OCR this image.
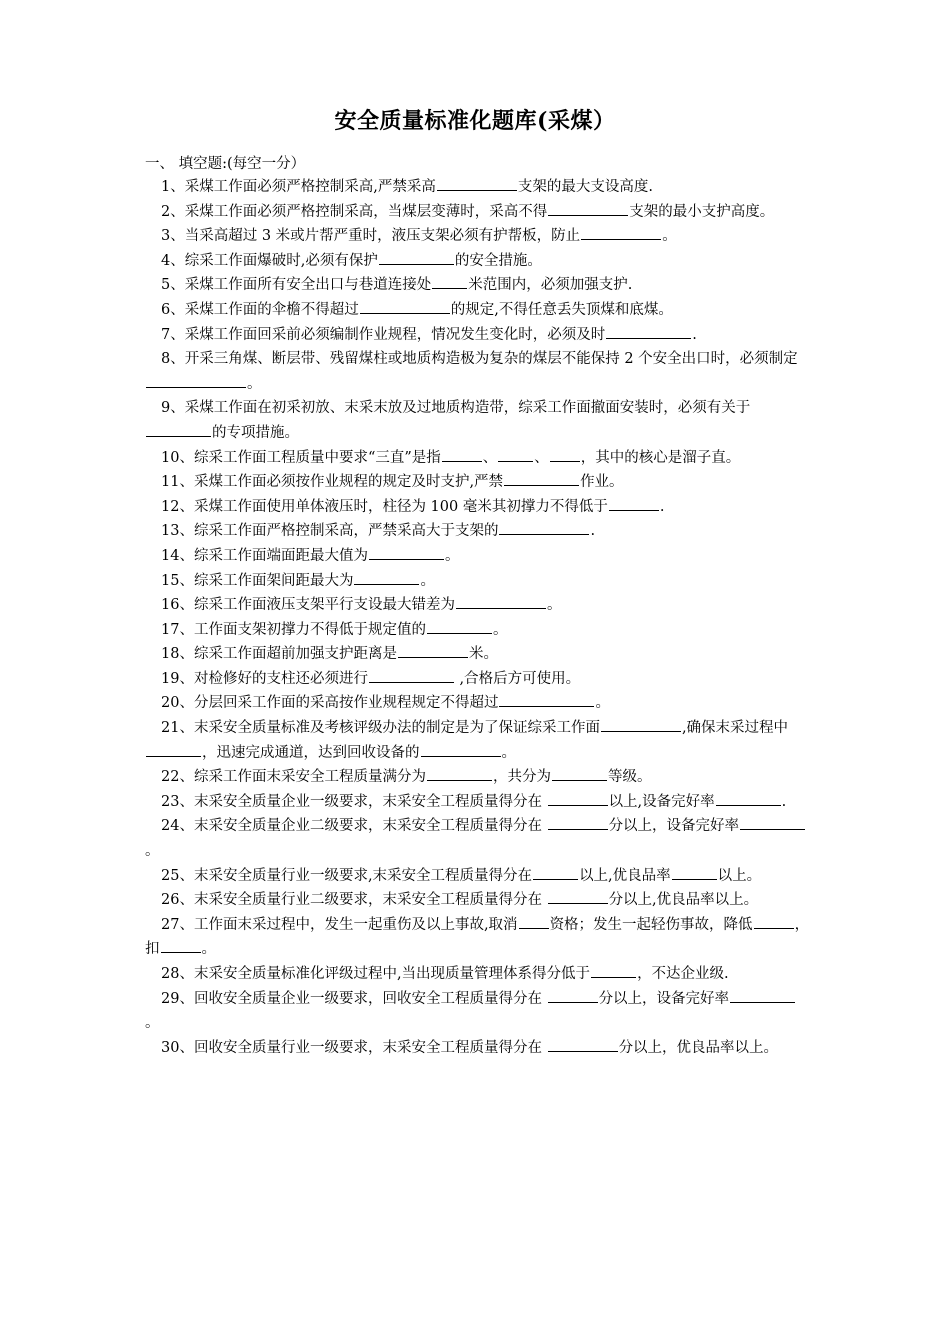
安全质量标准化题库(采煤）
一、 填空题:(每空一分）

1、采煤工作面必须严格控制采高,严禁采高	支架的最大支设高度.

2、采煤工作面必须严格控制采高，当煤层变薄时，采高不得	支架的最小支护高度。

3、当采高超过 3 米或片帮严重时，液压支架必须有护帮板，防止	。

4、综采工作面爆破时,必须有保护	的安全措施。

5、采煤工作面所有安全出口与巷道连接处	米范围内，必须加强支护.

6、采煤工作面的伞檐不得超过	的规定,不得任意丢失顶煤和底煤。

7、采煤工作面回采前必须编制作业规程，情况发生变化时，必须及时	.

8、开采三角煤、断层带、残留煤柱或地质构造极为复杂的煤层不能保持 2 个安全出口时，必须制定。

9、采煤工作面在初采初放、末采末放及过地质构造带，综采工作面撤面安装时，必须有关于的专项措施。

10、综采工作面工程质量中要求“三直”是指	、	、 ，其中的核心是溜子直。

11、采煤工作面必须按作业规程的规定及时支护,严禁	作业。

12、采煤工作面使用单体液压时，柱径为 100 毫米其初撑力不得低于	.

13、综采工作面严格控制采高，严禁采高大于支架的	.

14、综采工作面端面距最大值为	。

15、综采工作面架间距最大为	。

16、综采工作面液压支架平行支设最大错差为	。

17、工作面支架初撑力不得低于规定值的	。

18、综采工作面超前加强支护距离是	米。

19、对检修好的支柱还必须进行	,合格后方可使用。

20、分层回采工作面的采高按作业规程规定不得超过	。

21、末采安全质量标准及考核评级办法的制定是为了保证综采工作面	,确保末采过程中，迅速完成通道，达到回收设备的	。

22、综采工作面末采安全工程质量满分为	，共分为	等级。

23、末采安全质量企业一级要求，末采安全工程质量得分在	以上,设备完好率	.

24、末采安全质量企业二级要求，末采安全工程质量得分在	分以上，设备完好率。

25、末采安全质量行业一级要求,末采安全工程质量得分在	以上,优良品率	以上。

26、末采安全质量行业二级要求，末采安全工程质量得分在	分以上,优良品率以上。

27、工作面末采过程中，发生一起重伤及以上事故,取消 资格；发生一起轻伤事故，降低	，扣	。

28、末采安全质量标准化评级过程中,当出现质量管理体系得分低于	，不达企业级.

29、回收安全质量企业一级要求，回收安全工程质量得分在	分以上，设备完好率。

30、回收安全质量行业一级要求，末采安全工程质量得分在	分以上，优良品率以上。
